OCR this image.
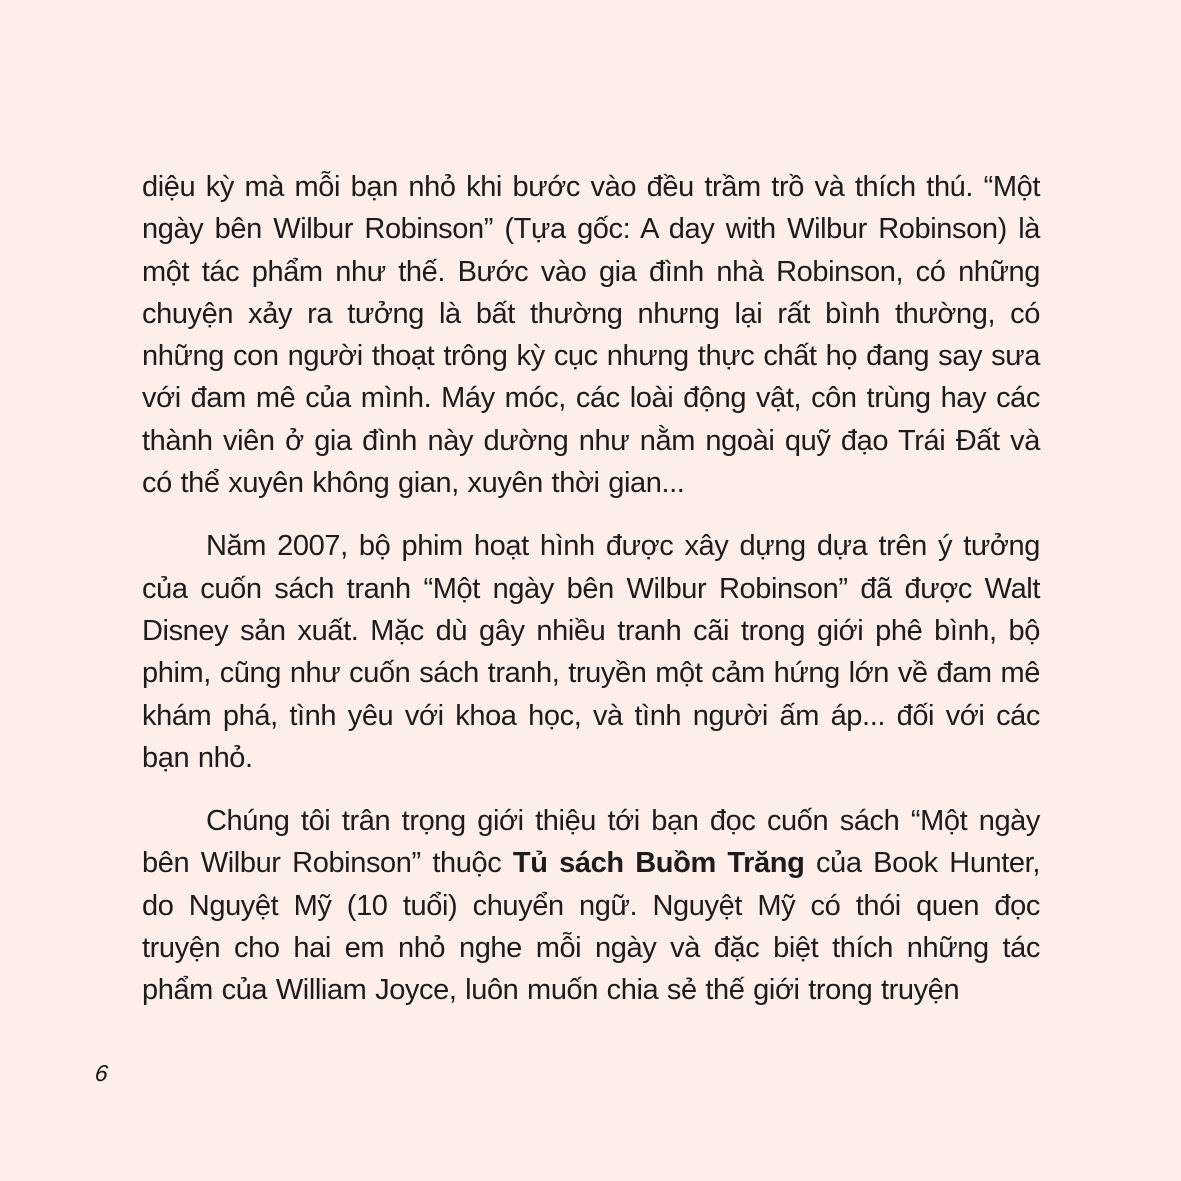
diệu kỳ mà mỗi bạn nhỏ khi bước vào đều trầm trồ và thích thú. “Một ngày bên Wilbur Robinson” (Tựa gốc: A day with Wilbur Robinson) là một tác phẩm như thế. Bước vào gia đình nhà Robinson, có những chuyện xảy ra tưởng là bất thường nhưng lại rất bình thường, có những con người thoạt trông kỳ cục nhưng thực chất họ đang say sưa với đam mê của mình. Máy móc, các loài động vật, côn trùng hay các thành viên ở gia đình này dường như nằm ngoài quỹ đạo Trái Đất và có thể xuyên không gian, xuyên thời gian...

Năm 2007, bộ phim hoạt hình được xây dựng dựa trên ý tưởng của cuốn sách tranh “Một ngày bên Wilbur Robinson” đã được Walt Disney sản xuất. Mặc dù gây nhiều tranh cãi trong giới phê bình, bộ phim, cũng như cuốn sách tranh, truyền một cảm hứng lớn về đam mê khám phá, tình yêu với khoa học, và tình người ấm áp... đối với các bạn nhỏ.

Chúng tôi trân trọng giới thiệu tới bạn đọc cuốn sách “Một ngày bên Wilbur Robinson” thuộc Tủ sách Buồm Trăng của Book Hunter, do Nguyệt Mỹ (10 tuổi) chuyển ngữ. Nguyệt Mỹ có thói quen đọc truyện cho hai em nhỏ nghe mỗi ngày và đặc biệt thích những tác phẩm của William Joyce, luôn muốn chia sẻ thế giới trong truyện

6
